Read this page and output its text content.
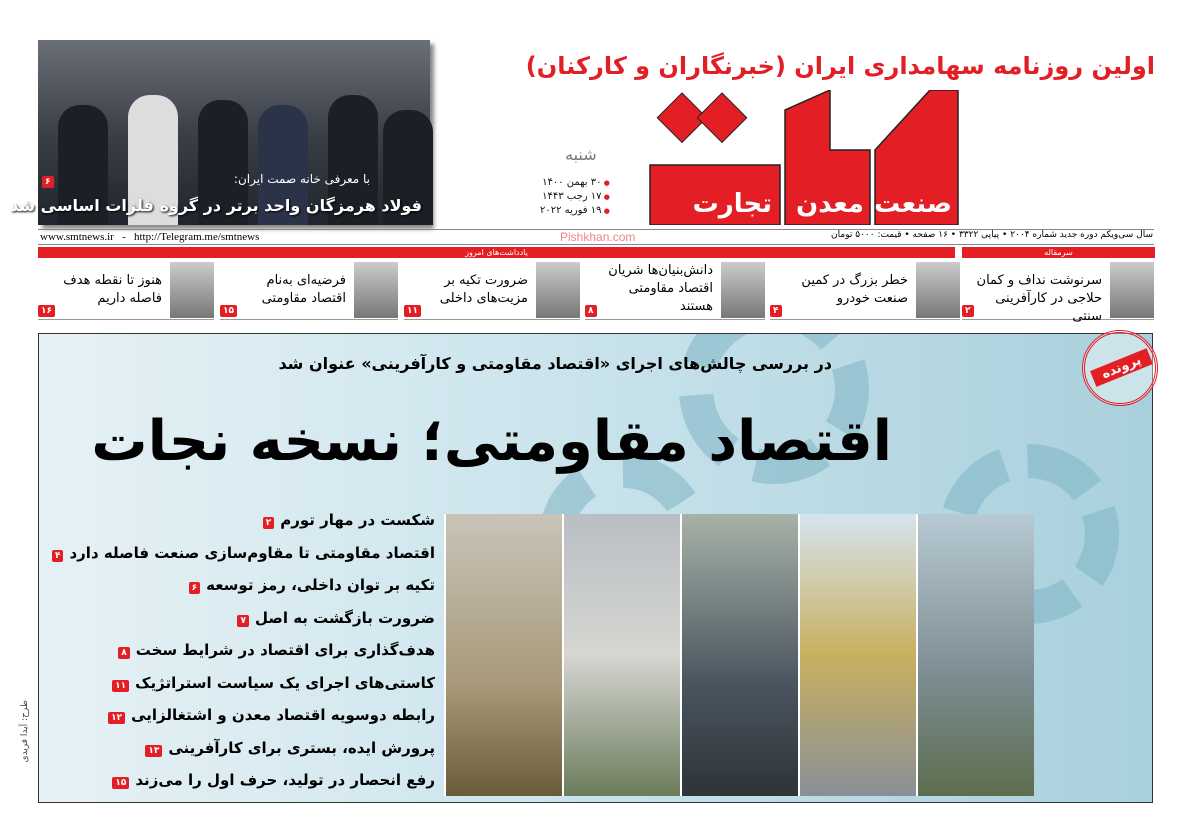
با معرفی خانه صمت ایران:
فولاد هرمزگان واحد برتر در گروه فلزات اساسی شد
۶
اولین روزنامه سهامداری ایران (خبرنگاران و کارکنان)
صنعت
معدن
تجارت
شنبه
● ۳۰ بهمن ۱۴۰۰
● ۱۷ رجب ۱۴۴۳
● ۱۹ فوریه ۲۰۲۲
www.smtnews.ir   -   http://Telegram.me/smtnews	سال سی‌ویکم دوره جدید شماره ۲۰۰۴ • پیاپی ۳۳۲۲ • ۱۶ صفحه • قیمت: ۵۰۰۰ تومان
Pishkhan.com
یادداشت‌های امروز	سرمقاله
سرنوشت نداف و کمان حلاجی در کارآفرینی سنتی
۲
خطر بزرگ در کمین صنعت خودرو
۴
دانش‌بنیان‌ها شریان اقتصاد مقاومتی هستند
۸
ضرورت تکیه بر مزیت‌های داخلی
۱۱
فرضیه‌ای به‌نام اقتصاد مقاومتی
۱۵
هنوز تا نقطه هدف فاصله داریم
۱۶
در بررسی چالش‌های اجرای «اقتصاد مقاومتی و کارآفرینی» عنوان شد
اقتصاد مقاومتی؛ نسخه نجات
شکست در مهار تورم۲
اقتصاد مقاومتی تا مقاوم‌سازی صنعت فاصله دارد۴
تکیه بر توان داخلی، رمز توسعه۶
ضرورت بازگشت به اصل۷
هدف‌گذاری برای اقتصاد در شرایط سخت۸
کاستی‌های اجرای یک سیاست استراتژیک۱۱
رابطه دوسویه اقتصاد معدن و اشتغالزایی۱۲
پرورش ایده، بستری برای کارآفرینی۱۳
رفع انحصار در تولید، حرف اول را می‌زند۱۵
طرح: آیدا فریدی
پرونده
